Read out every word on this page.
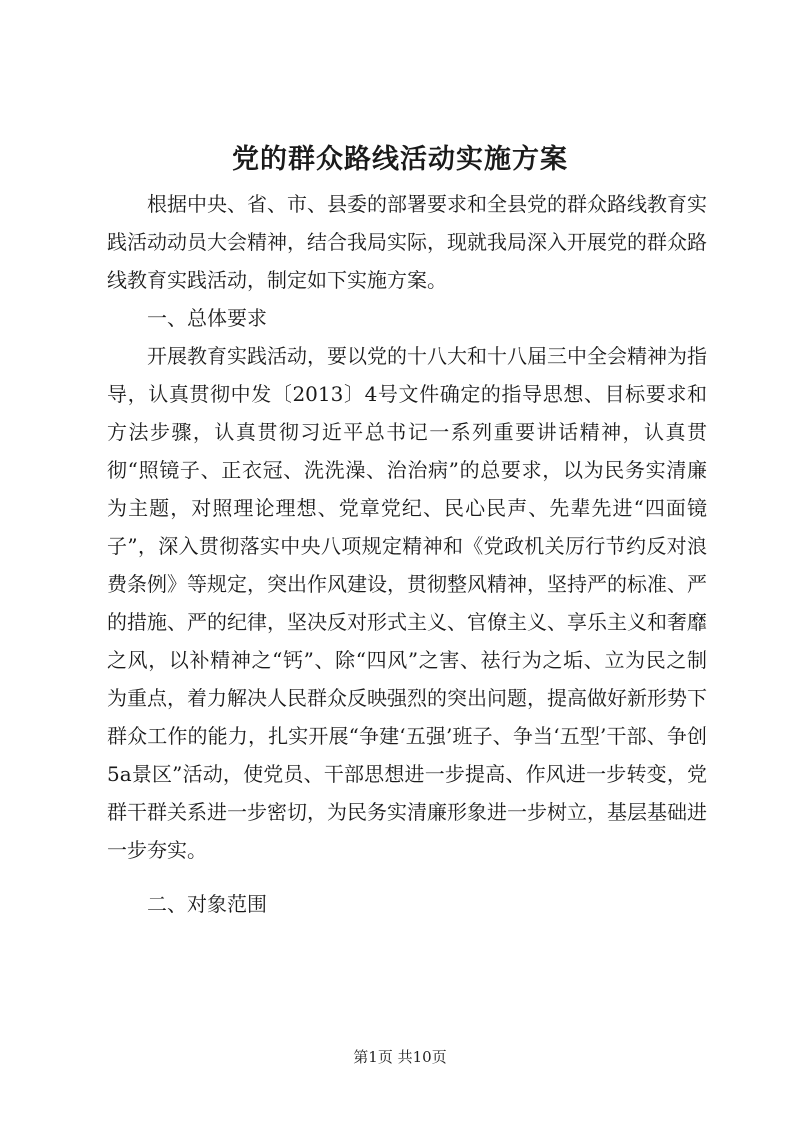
党的群众路线活动实施方案

根据中央、省、市、县委的部署要求和全县党的群众路线教育实践活动动员大会精神，结合我局实际，现就我局深入开展党的群众路线教育实践活动，制定如下实施方案。

一、总体要求

开展教育实践活动，要以党的十八大和十八届三中全会精神为指导，认真贯彻中发〔2013〕4号文件确定的指导思想、目标要求和方法步骤，认真贯彻习近平总书记一系列重要讲话精神，认真贯彻“照镜子、正衣冠、洗洗澡、治治病”的总要求，以为民务实清廉为主题，对照理论理想、党章党纪、民心民声、先辈先进“四面镜子”，深入贯彻落实中央八项规定精神和《党政机关厉行节约反对浪费条例》等规定，突出作风建设，贯彻整风精神，坚持严的标准、严的措施、严的纪律，坚决反对形式主义、官僚主义、享乐主义和奢靡之风，以补精神之“钙”、除“四风”之害、祛行为之垢、立为民之制为重点，着力解决人民群众反映强烈的突出问题，提高做好新形势下群众工作的能力，扎实开展“争建‘五强’班子、争当‘五型’干部、争创5a景区”活动，使党员、干部思想进一步提高、作风进一步转变，党群干群关系进一步密切，为民务实清廉形象进一步树立，基层基础进一步夯实。

二、对象范围

第1页 共10页
